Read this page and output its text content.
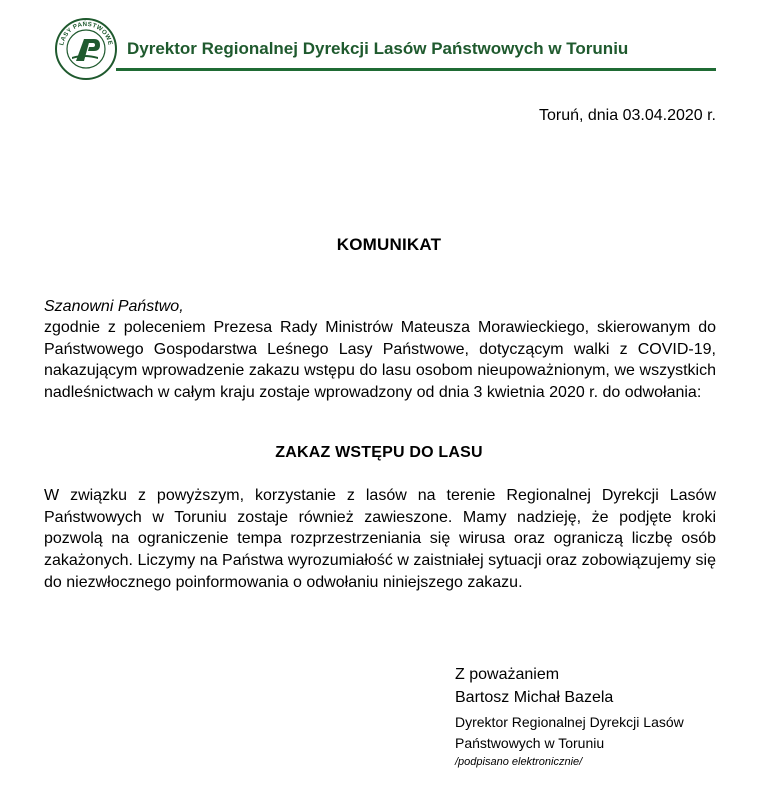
LASY PAŃSTWOWE Dyrektor Regionalnej Dyrekcji Lasów Państwowych w Toruniu
Toruń, dnia 03.04.2020 r.
KOMUNIKAT
Szanowni Państwo,
zgodnie z poleceniem Prezesa Rady Ministrów Mateusza Morawieckiego, skierowanym do Państwowego Gospodarstwa Leśnego Lasy Państwowe, dotyczącym walki z COVID-19, nakazującym wprowadzenie zakazu wstępu do lasu osobom nieupoważnionym, we wszystkich nadleśnictwach w całym kraju zostaje wprowadzony od dnia 3 kwietnia 2020 r. do odwołania:
ZAKAZ WSTĘPU DO LASU
W związku z powyższym, korzystanie z lasów na terenie Regionalnej Dyrekcji Lasów Państwowych w Toruniu zostaje również zawieszone. Mamy nadzieję, że podjęte kroki pozwolą na ograniczenie tempa rozprzestrzeniania się wirusa oraz ograniczą liczbę osób zakażonych. Liczymy na Państwa wyrozumiałość w zaistniałej sytuacji oraz zobowiązujemy się do niezwłocznego poinformowania o odwołaniu niniejszego zakazu.
Z poważaniem
Bartosz Michał Bazela
Dyrektor Regionalnej Dyrekcji Lasów
Państwowych w Toruniu
/podpisano elektronicznie/
